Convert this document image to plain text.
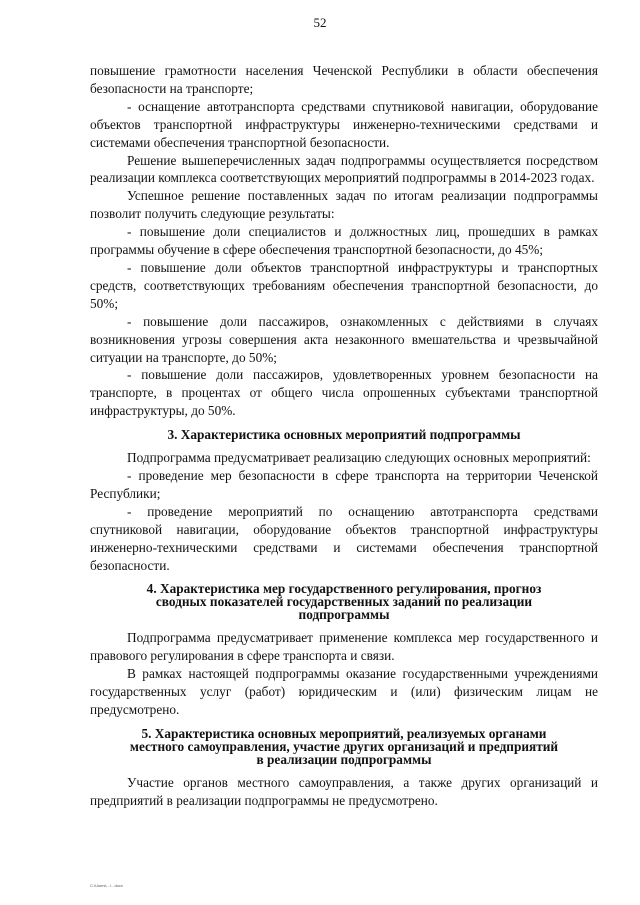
52

повышение грамотности населения Чеченской Республики в области обеспечения безопасности на транспорте;

- оснащение автотранспорта средствами спутниковой навигации, оборудование объектов транспортной инфраструктуры инженерно-техническими средствами и системами обеспечения транспортной безопасности.

Решение вышеперечисленных задач подпрограммы осуществляется посредством реализации комплекса соответствующих мероприятий подпрограммы в 2014-2023 годах.

Успешное решение поставленных задач по итогам реализации подпрограммы позволит получить следующие результаты:

- повышение доли специалистов и должностных лиц, прошедших в рамках программы обучение в сфере обеспечения транспортной безопасности, до 45%;

- повышение доли объектов транспортной инфраструктуры и транспортных средств, соответствующих требованиям обеспечения транспортной безопасности, до 50%;

- повышение доли пассажиров, ознакомленных с действиями в случаях возникновения угрозы совершения акта незаконного вмешательства и чрезвычайной ситуации на транспорте, до 50%;

- повышение доли пассажиров, удовлетворенных уровнем безопасности на транспорте, в процентах от общего числа опрошенных субъектами транспортной инфраструктуры, до 50%.

3. Характеристика основных мероприятий подпрограммы

Подпрограмма предусматривает реализацию следующих основных мероприятий:

- проведение мер безопасности в сфере транспорта на территории Чеченской Республики;

- проведение мероприятий по оснащению автотранспорта средствами спутниковой навигации, оборудование объектов транспортной инфраструктуры инженерно-техническими средствами и системами обеспечения транспортной безопасности.

4. Характеристика мер государственного регулирования, прогноз
сводных показателей государственных заданий по реализации
подпрограммы

Подпрограмма предусматривает применение комплекса мер государственного и правового регулирования в сфере транспорта и связи.

В рамках настоящей подпрограммы оказание государственными учреждениями государственных услуг (работ) юридическим и (или) физическим лицам не предусмотрено.

5. Характеристика основных мероприятий, реализуемых органами
местного самоуправления, участие других организаций и предприятий
в реализации подпрограммы

Участие органов местного самоуправления, а также других организаций и предприятий в реализации подпрограммы не предусмотрено.

C:\Users\...\...docx
